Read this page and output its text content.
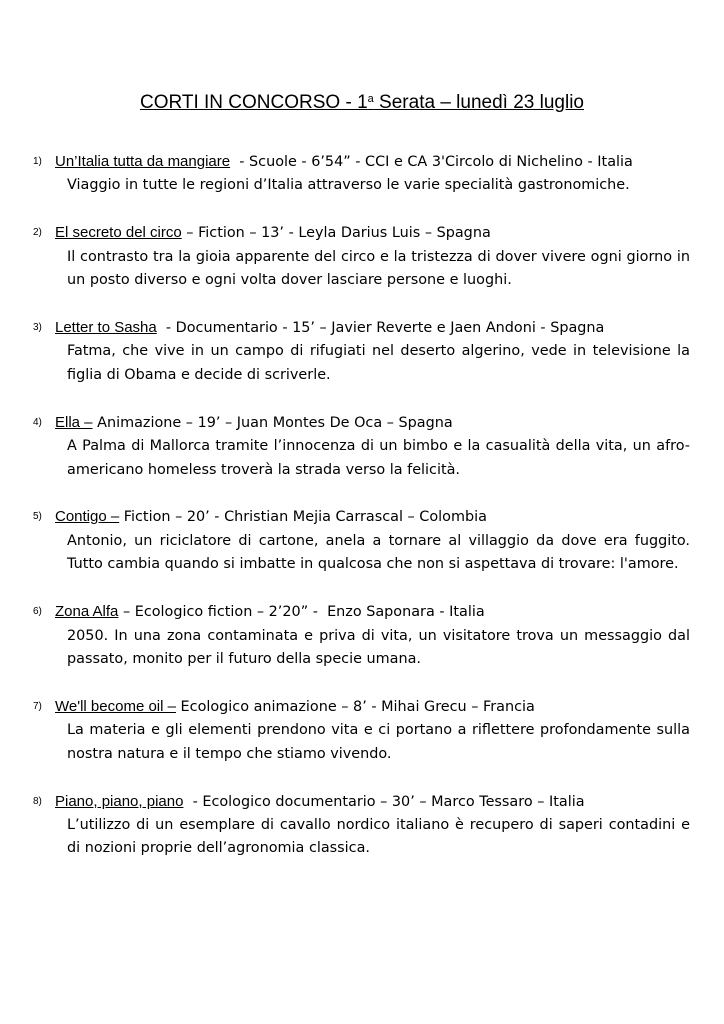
CORTI IN CONCORSO - 1$^a$ Serata – lunedì 23 luglio
1) Un’Italia tutta da mangiare  - Scuole - 6’54” - CCI e CA 3'Circolo di Nichelino - Italia
Viaggio in tutte le regioni d’Italia attraverso le varie specialità gastronomiche.
2) El secreto del circo – Fiction – 13’ - Leyla Darius Luis – Spagna
Il contrasto tra la gioia apparente del circo e la tristezza di dover vivere ogni giorno in un posto diverso e ogni volta dover lasciare persone e luoghi.
3) Letter to Sasha  - Documentario - 15’ – Javier Reverte e Jaen Andoni - Spagna
Fatma, che vive in un campo di rifugiati nel deserto algerino, vede in televisione la figlia di Obama e decide di scriverle.
4) Ella – Animazione – 19’ – Juan Montes De Oca – Spagna
A Palma di Mallorca tramite l’innocenza di un bimbo e la casualità della vita, un afro-americano homeless troverà la strada verso la felicità.
5) Contigo – Fiction – 20’ - Christian Mejia Carrascal – Colombia
Antonio, un riciclatore di cartone, anela a tornare al villaggio da dove era fuggito. Tutto cambia quando si imbatte in qualcosa che non si aspettava di trovare: l'amore.
6) Zona Alfa – Ecologico fiction – 2’20” -  Enzo Saponara - Italia
2050. In una zona contaminata e priva di vita, un visitatore trova un messaggio dal passato, monito per il futuro della specie umana.
7) We'll become oil – Ecologico animazione – 8’ - Mihai Grecu – Francia
La materia e gli elementi prendono vita e ci portano a riflettere profondamente sulla nostra natura e il tempo che stiamo vivendo.
8) Piano, piano, piano  - Ecologico documentario – 30’ – Marco Tessaro – Italia
L’utilizzo di un esemplare di cavallo nordico italiano è recupero di saperi contadini e di nozioni proprie dell’agronomia classica.
